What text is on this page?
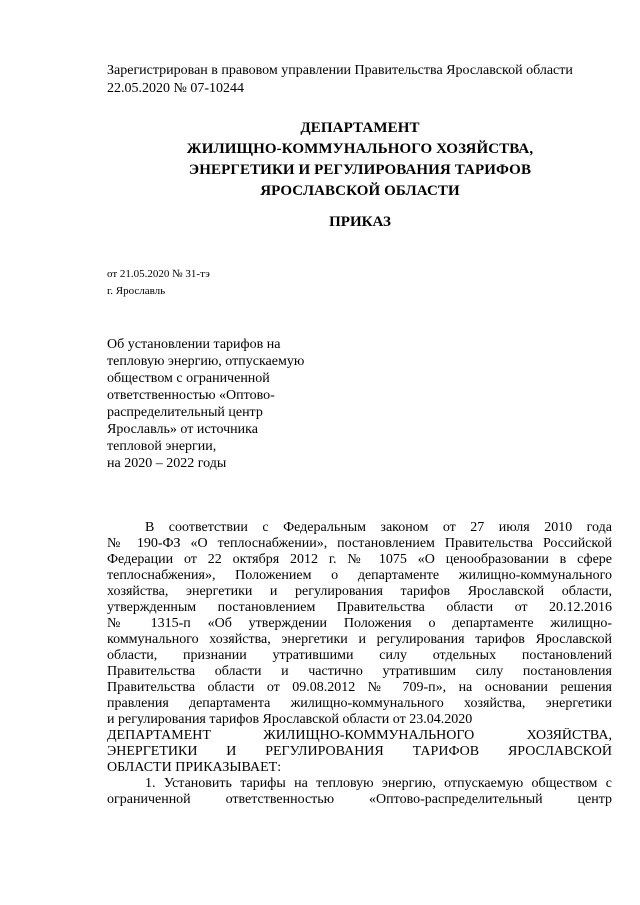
Зарегистрирован в правовом управлении Правительства Ярославской области
22.05.2020 № 07-10244
ДЕПАРТАМЕНТ
ЖИЛИЩНО-КОММУНАЛЬНОГО ХОЗЯЙСТВА,
ЭНЕРГЕТИКИ И РЕГУЛИРОВАНИЯ ТАРИФОВ
ЯРОСЛАВСКОЙ ОБЛАСТИ
ПРИКАЗ
от 21.05.2020 № 31-тэ
г. Ярославль
Об установлении тарифов на
тепловую энергию, отпускаемую
обществом с ограниченной
ответственностью «Оптово-
распределительный центр
Ярославль» от источника
тепловой энергии,
на 2020 – 2022 годы
В соответствии с Федеральным законом от 27 июля 2010 года
№ 190-ФЗ «О теплоснабжении», постановлением Правительства Российской
Федерации от 22 октября 2012 г. № 1075 «О ценообразовании в сфере
теплоснабжения», Положением о департаменте жилищно-коммунального
хозяйства, энергетики и регулирования тарифов Ярославской области,
утвержденным постановлением Правительства области от 20.12.2016
№ 1315-п «Об утверждении Положения о департаменте жилищно-
коммунального хозяйства, энергетики и регулирования тарифов Ярославской
области, признании утратившими силу отдельных постановлений
Правительства области и частично утратившим силу постановления
Правительства области от 09.08.2012 № 709-п», на основании решения
правления департамента жилищно-коммунального хозяйства, энергетики
и регулирования тарифов Ярославской области от 23.04.2020
ДЕПАРТАМЕНТ ЖИЛИЩНО-КОММУНАЛЬНОГО ХОЗЯЙСТВА,
ЭНЕРГЕТИКИ И РЕГУЛИРОВАНИЯ ТАРИФОВ ЯРОСЛАВСКОЙ
ОБЛАСТИ ПРИКАЗЫВАЕТ:
1. Установить тарифы на тепловую энергию, отпускаемую обществом с
ограниченной ответственностью «Оптово-распределительный центр
